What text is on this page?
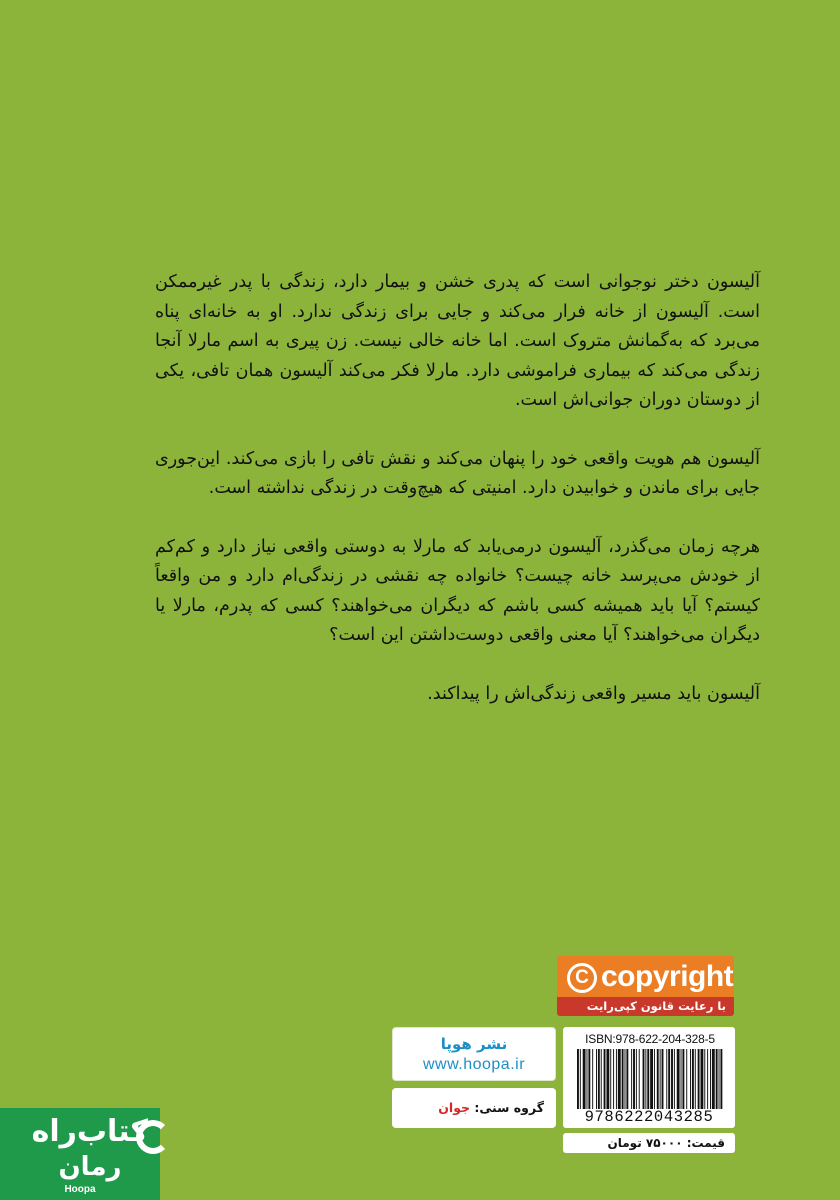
آلیسون دختر نوجوانی است که پدری خشن و بیمار دارد، زندگی با پدر غیرممکن است. آلیسون از خانه فرار می‌کند و جایی برای زندگی ندارد. او به خانه‌ای پناه می‌برد که به‌گمانش متروک است. اما خانه خالی نیست. زن پیری به اسم مارلا آنجا زندگی می‌کند که بیماری فراموشی دارد. مارلا فکر می‌کند آلیسون همان تافی، یکی از دوستان دوران جوانی‌اش است.

آلیسون هم هویت واقعی خود را پنهان می‌کند و نقش تافی را بازی می‌کند. این‌جوری جایی برای ماندن و خوابیدن دارد. امنیتی که هیچ‌وقت در زندگی نداشته است.

هرچه زمان می‌گذرد، آلیسون درمی‌یابد که مارلا به دوستی واقعی نیاز دارد و کم‌کم از خودش می‌پرسد خانه چیست؟ خانواده چه نقشی در زندگی‌ام دارد و من واقعاً کیستم؟ آیا باید همیشه کسی باشم که دیگران می‌خواهند؟ کسی که پدرم، مارلا یا دیگران می‌خواهند؟ آیا معنی واقعی دوست‌داشتن این است؟

آلیسون باید مسیر واقعی زندگی‌اش را پیداکند.

C copyright
با رعایت قانون کپی‌رایت
نشر هوپا
www.hoopa.ir
گروه سنی: جوان
ISBN:978-622-204-328-5
9786222043285
قیمت: ۷۵۰۰۰ تومان
کتاب‌راه
رمان
Hoopa
